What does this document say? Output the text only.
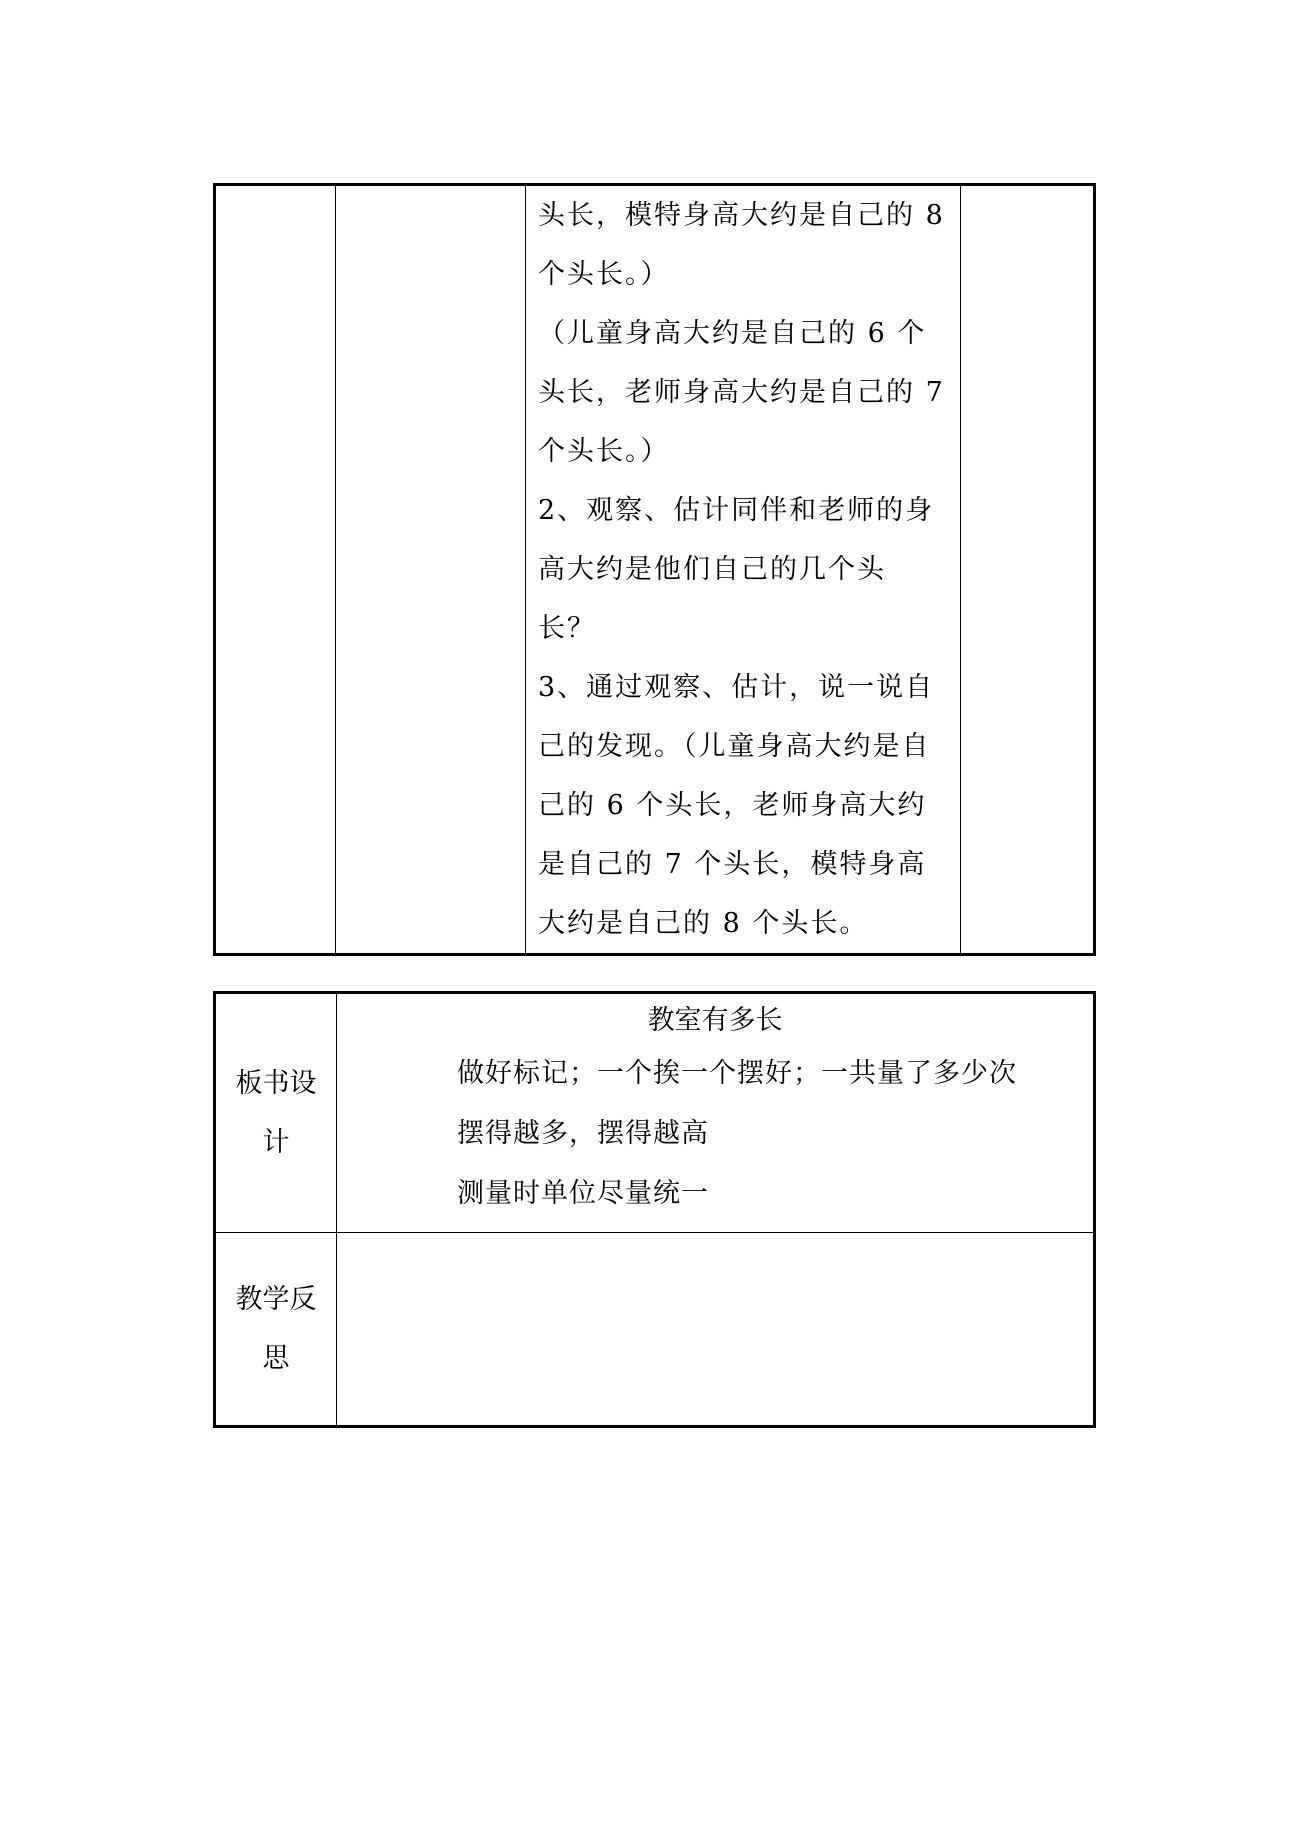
头长，模特身高大约是自己的 8
个头长。）
（儿童身高大约是自己的 6 个
头长，老师身高大约是自己的 7
个头长。）
2、观察、估计同伴和老师的身
高大约是他们自己的几个头
长？
3、通过观察、估计，说一说自
己的发现。（儿童身高大约是自
己的 6 个头长，老师身高大约
是自己的 7 个头长，模特身高
大约是自己的 8 个头长。

板书设
计	教室有多长
做好标记；一个挨一个摆好；一共量了多少次
摆得越多，摆得越高
测量时单位尽量统一

教学反
思	
